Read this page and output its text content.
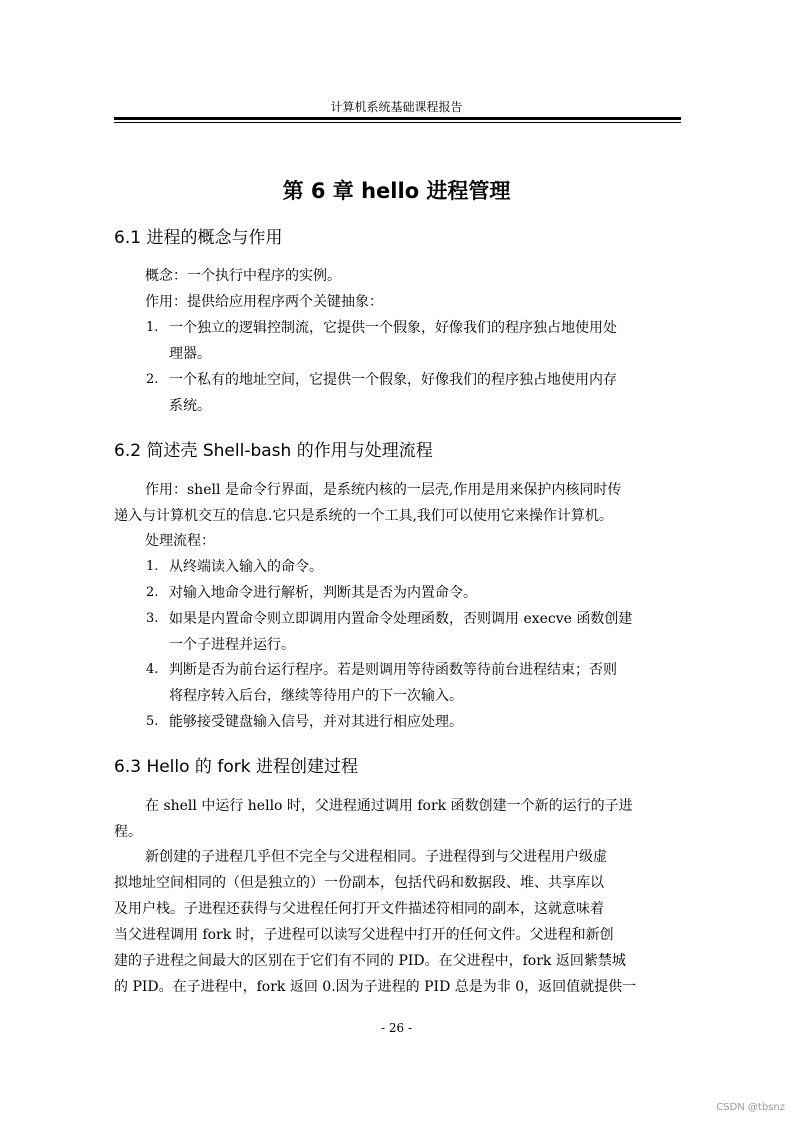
计算机系统基础课程报告
第 6 章 hello 进程管理
6.1 进程的概念与作用
概念：一个执行中程序的实例。
作用：提供给应用程序两个关键抽象：
1. 一个独立的逻辑控制流，它提供一个假象，好像我们的程序独占地使用处
理器。
2. 一个私有的地址空间，它提供一个假象，好像我们的程序独占地使用内存
系统。
6.2 简述壳 Shell-bash 的作用与处理流程
作用：shell 是命令行界面，是系统内核的一层壳,作用是用来保护内核同时传
递入与计算机交互的信息.它只是系统的一个工具,我们可以使用它来操作计算机。
处理流程：
1. 从终端读入输入的命令。
2. 对输入地命令进行解析，判断其是否为内置命令。
3. 如果是内置命令则立即调用内置命令处理函数，否则调用 execve 函数创建
一个子进程并运行。
4. 判断是否为前台运行程序。若是则调用等待函数等待前台进程结束；否则
将程序转入后台，继续等待用户的下一次输入。
5. 能够接受键盘输入信号，并对其进行相应处理。
6.3 Hello 的 fork 进程创建过程
在 shell 中运行 hello 时，父进程通过调用 fork 函数创建一个新的运行的子进
程。
新创建的子进程几乎但不完全与父进程相同。子进程得到与父进程用户级虚
拟地址空间相同的（但是独立的）一份副本，包括代码和数据段、堆、共享库以
及用户栈。子进程还获得与父进程任何打开文件描述符相同的副本，这就意味着
当父进程调用 fork 时，子进程可以读写父进程中打开的任何文件。父进程和新创
建的子进程之间最大的区别在于它们有不同的 PID。在父进程中，fork 返回紫禁城
的 PID。在子进程中，fork 返回 0.因为子进程的 PID 总是为非 0，返回值就提供一
- 26 -
CSDN @tbsnz
